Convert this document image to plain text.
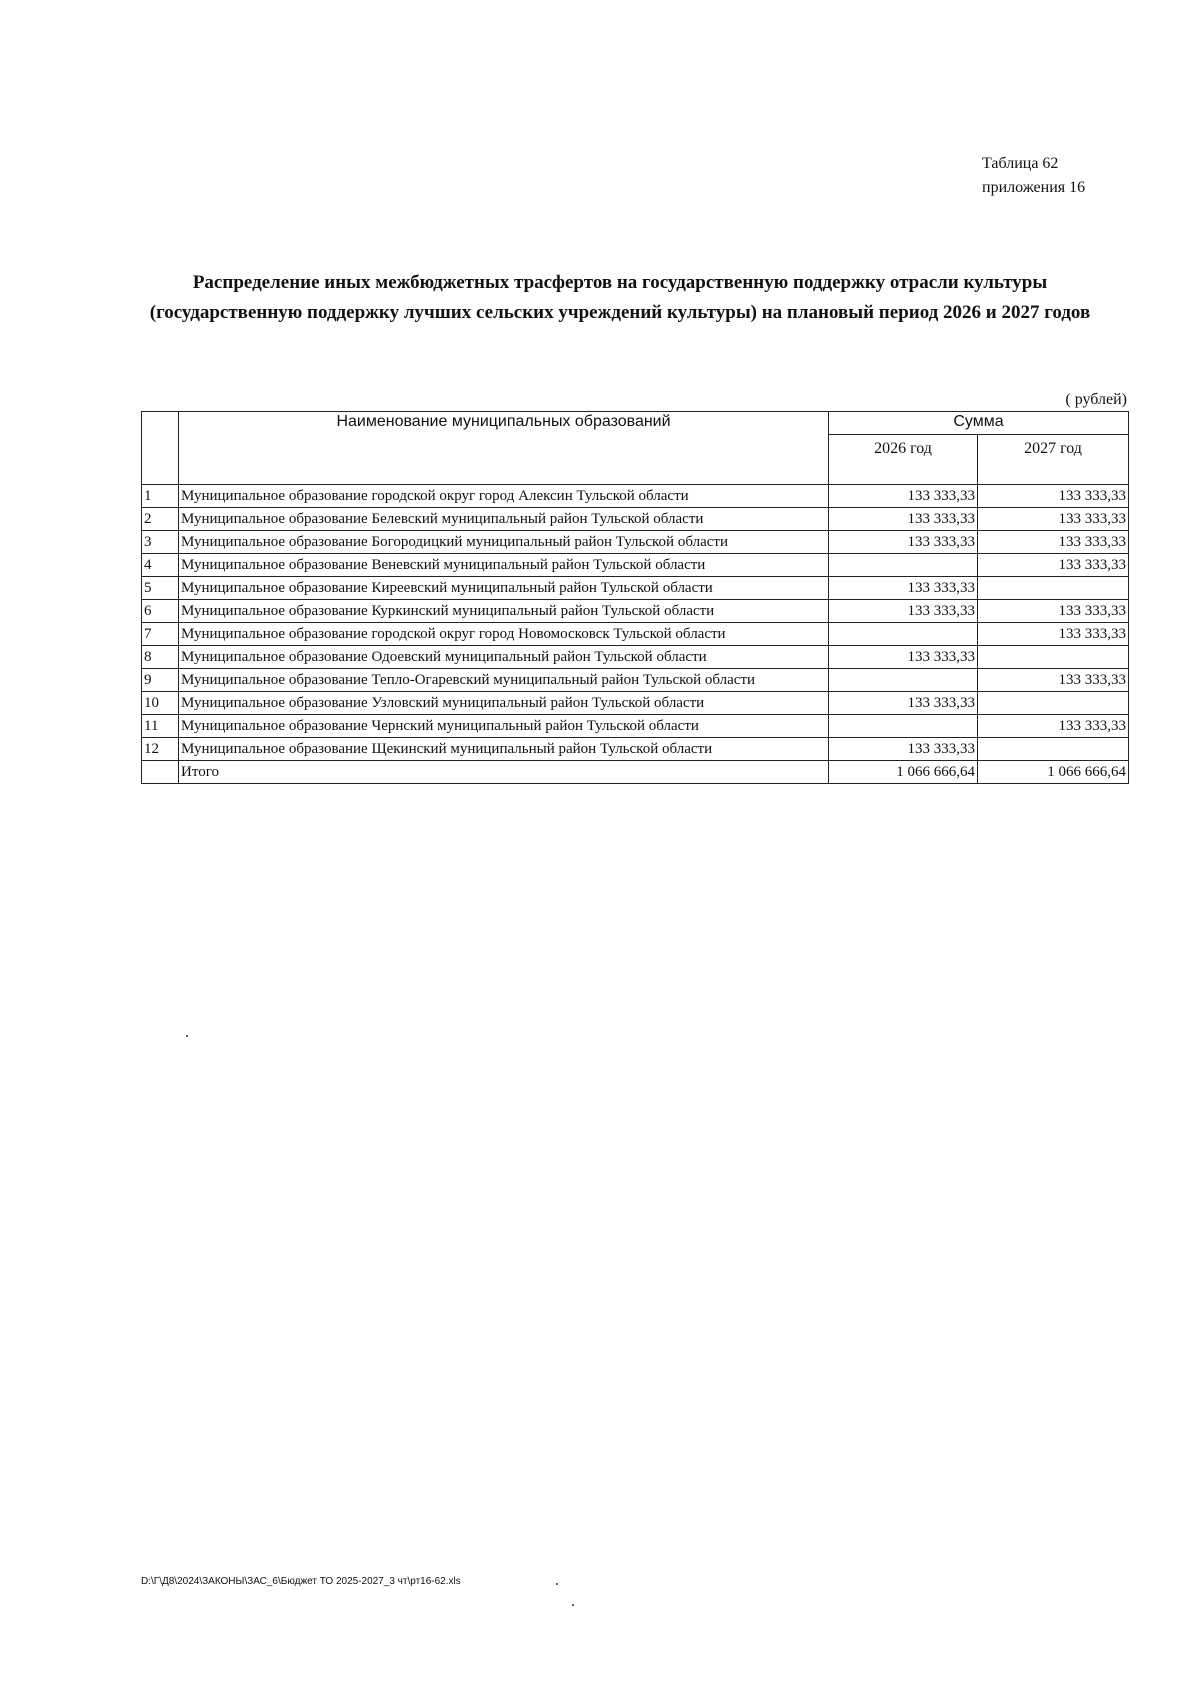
Таблица 62
приложения 16
Распределение иных межбюджетных трасфертов на государственную поддержку отрасли культуры
(государственную поддержку лучших сельских учреждений культуры) на плановый период 2026 и 2027 годов
( рублей)
	Наименование муниципальных образований	Сумма	
		2026 год	2027 год
1	Муниципальное образование городской округ город Алексин Тульской области	133 333,33	133 333,33
2	Муниципальное образование Белевский муниципальный район Тульской области	133 333,33	133 333,33
3	Муниципальное образование Богородицкий муниципальный район Тульской области	133 333,33	133 333,33
4	Муниципальное образование Веневский муниципальный район Тульской области		133 333,33
5	Муниципальное образование Киреевский муниципальный район Тульской области	133 333,33	
6	Муниципальное образование Куркинский муниципальный район Тульской области	133 333,33	133 333,33
7	Муниципальное образование городской округ город Новомосковск Тульской области		133 333,33
8	Муниципальное образование Одоевский муниципальный район Тульской области	133 333,33	
9	Муниципальное образование Тепло-Огаревский муниципальный район Тульской области		133 333,33
10	Муниципальное образование Узловский муниципальный район Тульской области	133 333,33	
11	Муниципальное образование Чернский муниципальный район Тульской области		133 333,33
12	Муниципальное образование Щекинский муниципальный район Тульской области	133 333,33	
	Итого	1 066 666,64	1 066 666,64
D:\Г\Д8\2024\ЗАКОНЫ\ЗАС_6\Бюджет ТО 2025-2027_3 чт\рт16-62.xls
